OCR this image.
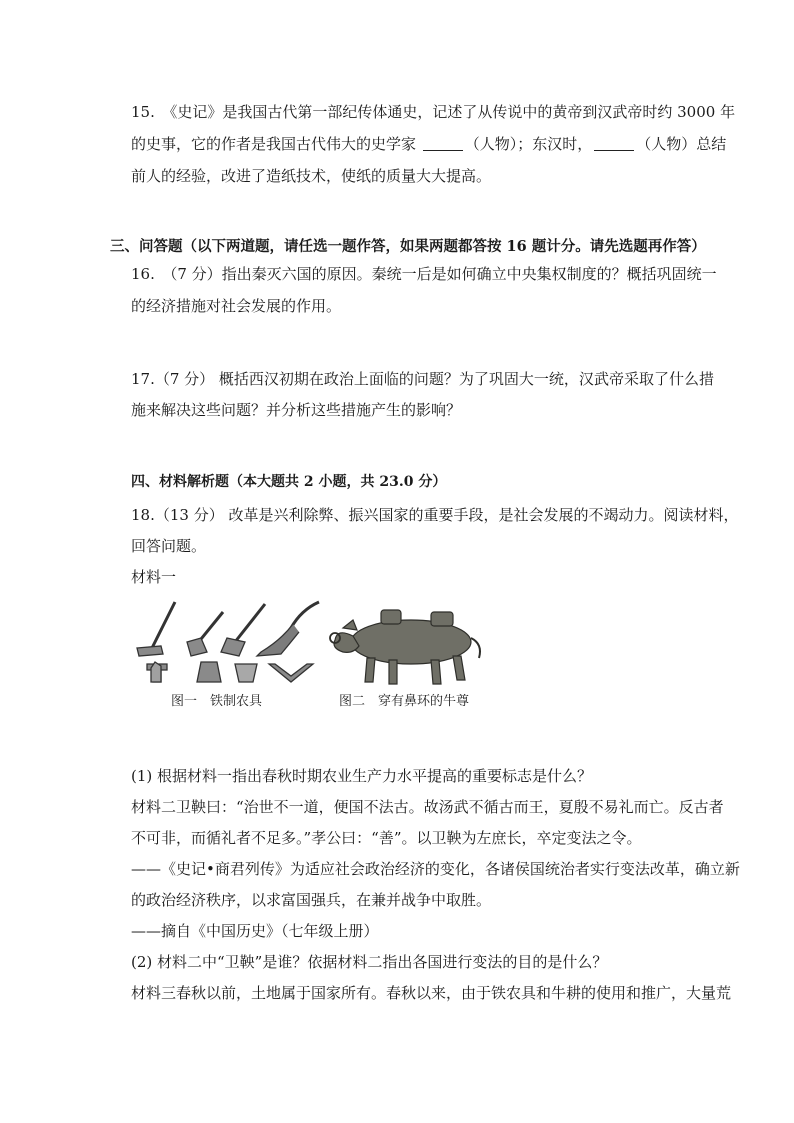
15.　《史记》是我国古代第一部纪传体通史，记述了从传说中的黄帝到汉武帝时约 3000 年
的史事，它的作者是我国古代伟大的史学家	（人物）；东汉时，	（人物）总结
前人的经验，改进了造纸技术，使纸的质量大大提高。
三、问答题（以下两道题，请任选一题作答，如果两题都答按 16 题计分。请先选题再作答）
16.　（7 分）指出秦灭六国的原因。秦统一后是如何确立中央集权制度的？概括巩固统一
的经济措施对社会发展的作用。
17.（7 分） 概括西汉初期在政治上面临的问题？为了巩固大一统，汉武帝采取了什么措
施来解决这些问题？并分析这些措施产生的影响？
四、材料解析题（本大题共 2 小题，共 23.0 分）
18.（13 分） 改革是兴利除弊、振兴国家的重要手段，是社会发展的不竭动力。阅读材料，
回答问题。
材料一
图一　铁制农具	图二　穿有鼻环的牛尊
(1) 根据材料一指出春秋时期农业生产力水平提高的重要标志是什么？
材料二卫鞅曰：“治世不一道，便国不法古。故汤武不循古而王，夏殷不易礼而亡。反古者
不可非，而循礼者不足多。”孝公曰：“善”。以卫鞅为左庶长，卒定变法之令。
——《史记•商君列传》为适应社会政治经济的变化，各诸侯国统治者实行变法改革，确立新
的政治经济秩序，以求富国强兵，在兼并战争中取胜。
——摘自《中国历史》（七年级上册）
(2) 材料二中“卫鞅”是谁？依据材料二指出各国进行变法的目的是什么？
材料三春秋以前，土地属于国家所有。春秋以来，由于铁农具和牛耕的使用和推广，大量荒
